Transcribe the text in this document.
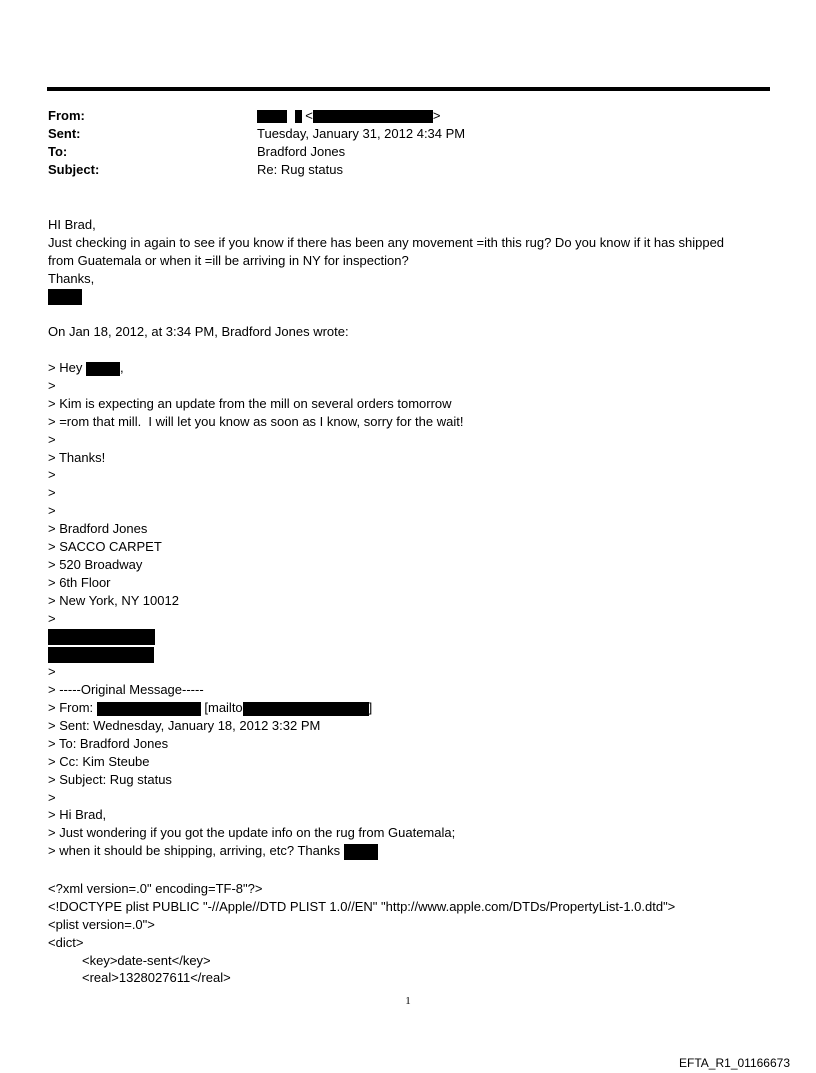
From:	<	>
Sent:	Tuesday, January 31, 2012 4:34 PM
To:	Bradford Jones
Subject:	Re: Rug status
HI Brad,
Just checking in again to see if you know if there has been any movement =ith this rug? Do you know if it has shipped
from Guatemala or when it =ill be arriving in NY for inspection?
Thanks,
On Jan 18, 2012, at 3:34 PM, Bradford Jones wrote:
> Hey	,
>
> Kim is expecting an update from the mill on several orders tomorrow
> =rom that mill.  I will let you know as soon as I know, sorry for the wait!
>
> Thanks!
>
>
>
> Bradford Jones
> SACCO CARPET
> 520 Broadway
> 6th Floor
> New York, NY 10012
>
>
> -----Original Message-----
> From:	[mailto	]
> Sent: Wednesday, January 18, 2012 3:32 PM
> To: Bradford Jones
> Cc: Kim Steube
> Subject: Rug status
>
> Hi Brad,
> Just wondering if you got the update info on the rug from Guatemala;
> when it should be shipping, arriving, etc? Thanks
<?xml version=.0" encoding=TF-8"?>
<!DOCTYPE plist PUBLIC "-//Apple//DTD PLIST 1.0//EN" "http://www.apple.com/DTDs/PropertyList-1.0.dtd">
<plist version=.0">
<dict>
<key>date-sent</key>
<real>1328027611</real>
1
EFTA_R1_01166673
